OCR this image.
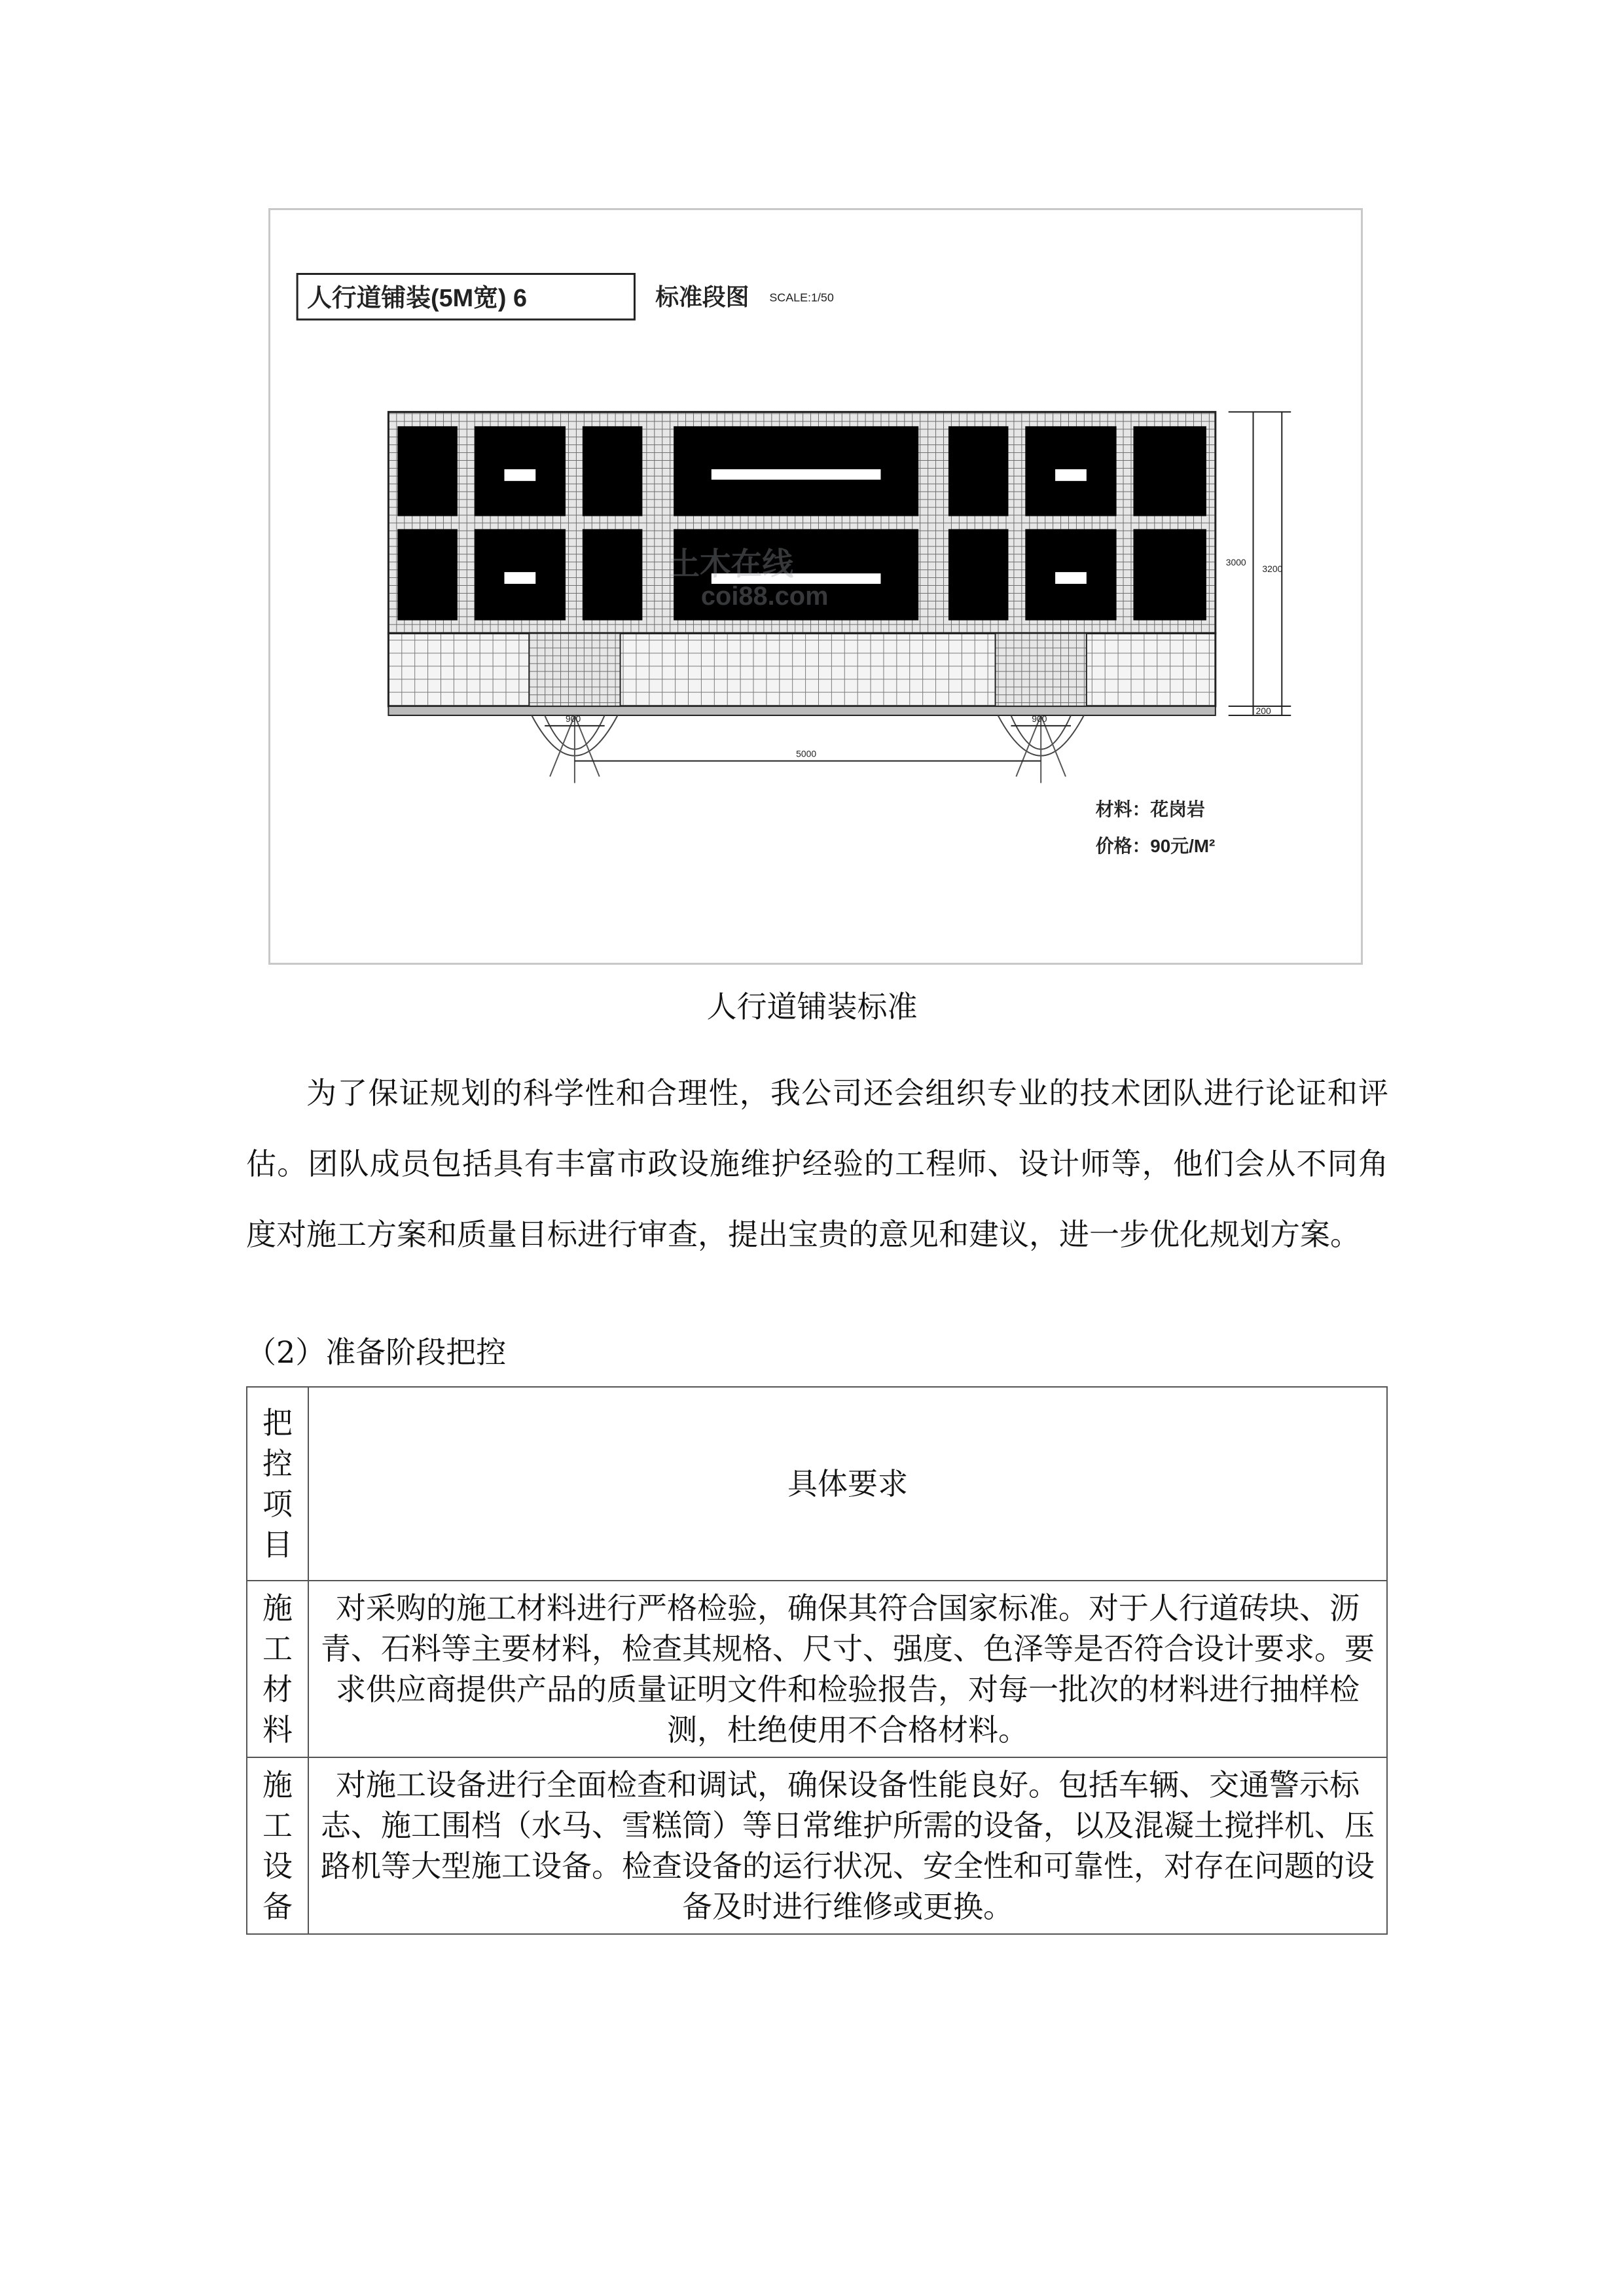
人行道铺装(5M宽) 6	标准段图 SCALE:1/50
900	900
5000
3000
3200
200
土木在线
coi88.com
材料：花岗岩
价格：90元/M²
人行道铺装标准

为了保证规划的科学性和合理性，我公司还会组织专业的技术团队进行论证和评估。团队成员包括具有丰富市政设施维护经验的工程师、设计师等，他们会从不同角度对施工方案和质量目标进行审查，提出宝贵的意见和建议，进一步优化规划方案。

（2）准备阶段把控

把控项目	具体要求

施工材料	对采购的施工材料进行严格检验，确保其符合国家标准。对于人行道砖块、沥青、石料等主要材料，检查其规格、尺寸、强度、色泽等是否符合设计要求。要求供应商提供产品的质量证明文件和检验报告，对每一批次的材料进行抽样检测，杜绝使用不合格材料。

施工设备	对施工设备进行全面检查和调试，确保设备性能良好。包括车辆、交通警示标志、施工围档（水马、雪糕筒）等日常维护所需的设备，以及混凝土搅拌机、压路机等大型施工设备。检查设备的运行状况、安全性和可靠性，对存在问题的设备及时进行维修或更换。
